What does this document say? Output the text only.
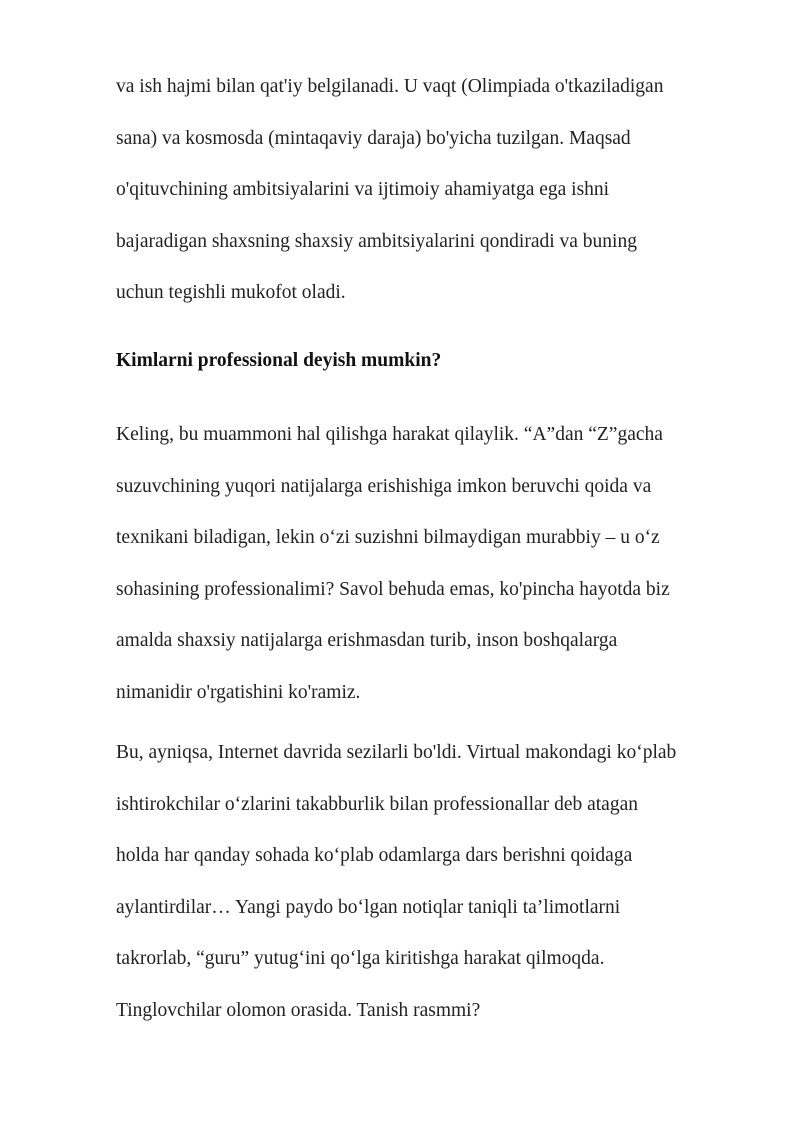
va ish hajmi bilan qat'iy belgilanadi. U vaqt (Olimpiada o'tkaziladigan
sana) va kosmosda (mintaqaviy daraja) bo'yicha tuzilgan. Maqsad
o'qituvchining ambitsiyalarini va ijtimoiy ahamiyatga ega ishni
bajaradigan shaxsning shaxsiy ambitsiyalarini qondiradi va buning
uchun tegishli mukofot oladi.
Kimlarni professional deyish mumkin?
Keling, bu muammoni hal qilishga harakat qilaylik. “A”dan “Z”gacha
suzuvchining yuqori natijalarga erishishiga imkon beruvchi qoida va
texnikani biladigan, lekin o‘zi suzishni bilmaydigan murabbiy – u o‘z
sohasining professionalimi? Savol behuda emas, ko'pincha hayotda biz
amalda shaxsiy natijalarga erishmasdan turib, inson boshqalarga
nimanidir o'rgatishini ko'ramiz.
Bu, ayniqsa, Internet davrida sezilarli bo'ldi. Virtual makondagi ko‘plab
ishtirokchilar o‘zlarini takabburlik bilan professionallar deb atagan
holda har qanday sohada ko‘plab odamlarga dars berishni qoidaga
aylantirdilar… Yangi paydo bo‘lgan notiqlar taniqli ta’limotlarni
takrorlab, “guru” yutug‘ini qo‘lga kiritishga harakat qilmoqda.
Tinglovchilar olomon orasida. Tanish rasmmi?
